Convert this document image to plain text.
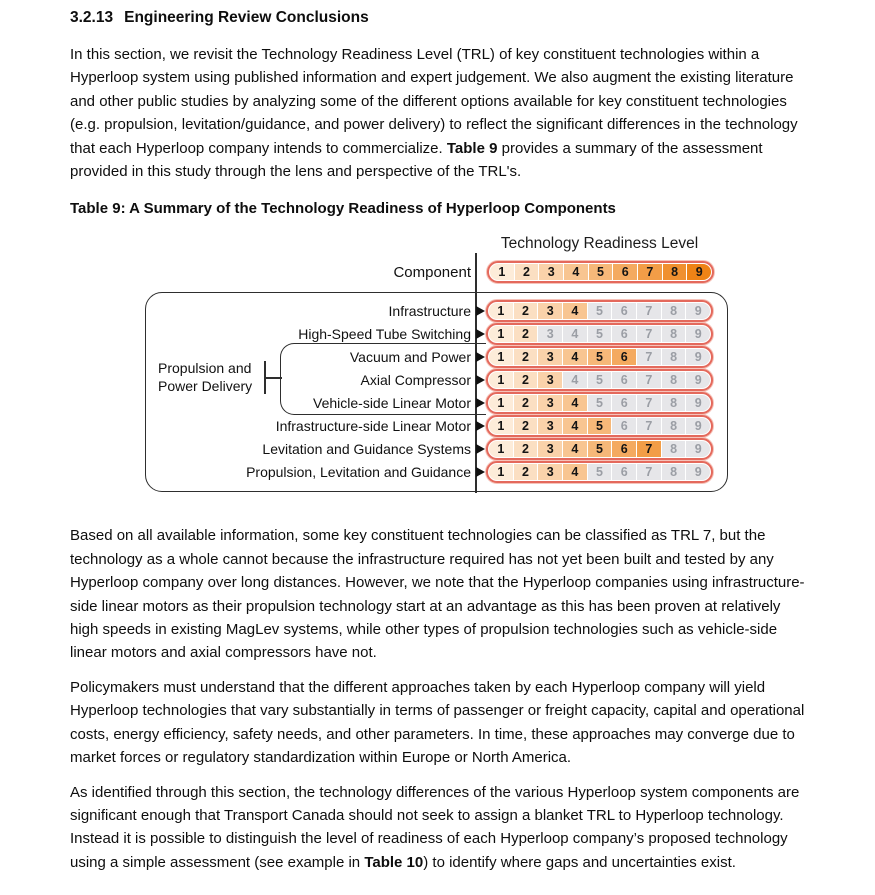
3.2.13 Engineering Review Conclusions

In this section, we revisit the Technology Readiness Level (TRL) of key constituent technologies within a Hyperloop system using published information and expert judgement. We also augment the existing literature and other public studies by analyzing some of the different options available for key constituent technologies (e.g. propulsion, levitation/guidance, and power delivery) to reflect the significant differences in the technology that each Hyperloop company intends to commercialize. Table 9 provides a summary of the assessment provided in this study through the lens and perspective of the TRL's.

Table 9: A Summary of the Technology Readiness of Hyperloop Components
Technology Readiness Level
Component	1	2	3	4	5	6	7	8	9
Propulsion and Power Delivery
Infrastructure	1	2	3	4	5	6	7	8	9
High-Speed Tube Switching	1	2	3	4	5	6	7	8	9
Vacuum and Power	1	2	3	4	5	6	7	8	9
Axial Compressor	1	2	3	4	5	6	7	8	9
Vehicle-side Linear Motor	1	2	3	4	5	6	7	8	9
Infrastructure-side Linear Motor	1	2	3	4	5	6	7	8	9
Levitation and Guidance Systems	1	2	3	4	5	6	7	8	9
Propulsion, Levitation and Guidance	1	2	3	4	5	6	7	8	9

Based on all available information, some key constituent technologies can be classified as TRL 7, but the technology as a whole cannot because the infrastructure required has not yet been built and tested by any Hyperloop company over long distances. However, we note that the Hyperloop companies using infrastructure-side linear motors as their propulsion technology start at an advantage as this has been proven at relatively high speeds in existing MagLev systems, while other types of propulsion technologies such as vehicle-side linear motors and axial compressors have not.

Policymakers must understand that the different approaches taken by each Hyperloop company will yield Hyperloop technologies that vary substantially in terms of passenger or freight capacity, capital and operational costs, energy efficiency, safety needs, and other parameters. In time, these approaches may converge due to market forces or regulatory standardization within Europe or North America.

As identified through this section, the technology differences of the various Hyperloop system components are significant enough that Transport Canada should not seek to assign a blanket TRL to Hyperloop technology. Instead it is possible to distinguish the level of readiness of each Hyperloop company’s proposed technology using a simple assessment (see example in Table 10) to identify where gaps and uncertainties exist.
